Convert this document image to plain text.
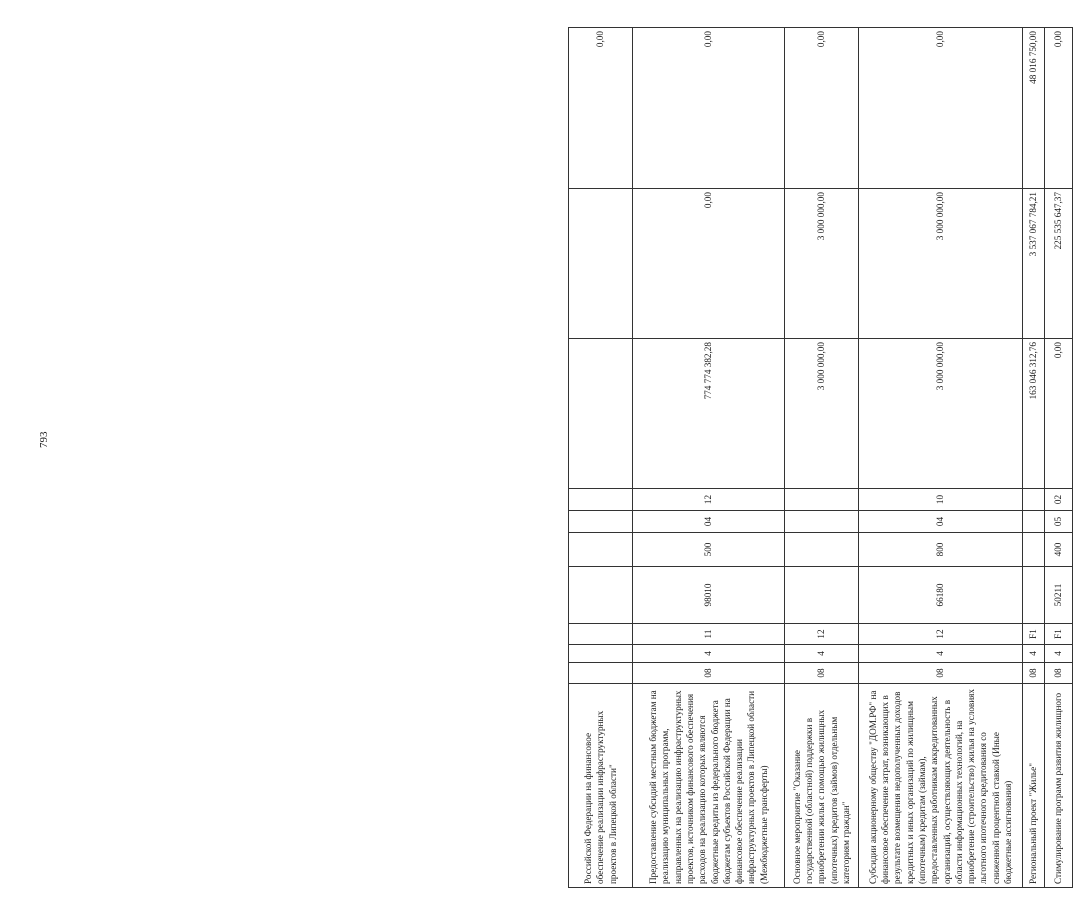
793
Российской Федерации на финансовое обеспечение реализации инфраструктурных проектов в Липецкой области"										0,00
Предоставление субсидий местным бюджетам на реализацию муниципальных программ, направленных на реализацию инфраструктурных проектов, источником финансового обеспечения расходов на реализацию которых являются бюджетные кредиты из федерального бюджета бюджетам субъектов Российской Федерации на финансовое обеспечение реализации инфраструктурных проектов в Липецкой области (Межбюджетные трансферты)	08	4	11	98010	500	04	12	774 774 382,28	0,00	0,00
Основное мероприятие "Оказание государственной (областной) поддержки в приобретении жилья с помощью жилищных (ипотечных) кредитов (займов) отдельным категориям граждан"	08	4	12					3 000 000,00	3 000 000,00	0,00
Субсидии акционерному обществу "ДОМ.РФ" на финансовое обеспечение затрат, возникающих в результате возмещения недополученных доходов кредитных и иных организаций по жилищным (ипотечным) кредитам (займам), предоставленных работникам аккредитованных организаций, осуществляющих деятельность в области информационных технологий, на приобретение (строительство) жилья на условиях льготного ипотечного кредитования со сниженной процентной ставкой (Иные бюджетные ассигнования)	08	4	12	66180	800	04	10	3 000 000,00	3 000 000,00	0,00
Региональный проект "Жилье"	08	4	F1					163 046 312,76	3 537 067 784,21	48 016 750,00
Стимулирование программ развития жилищного	08	4	F1	50211	400	05	02	0,00	225 535 647,37	0,00
